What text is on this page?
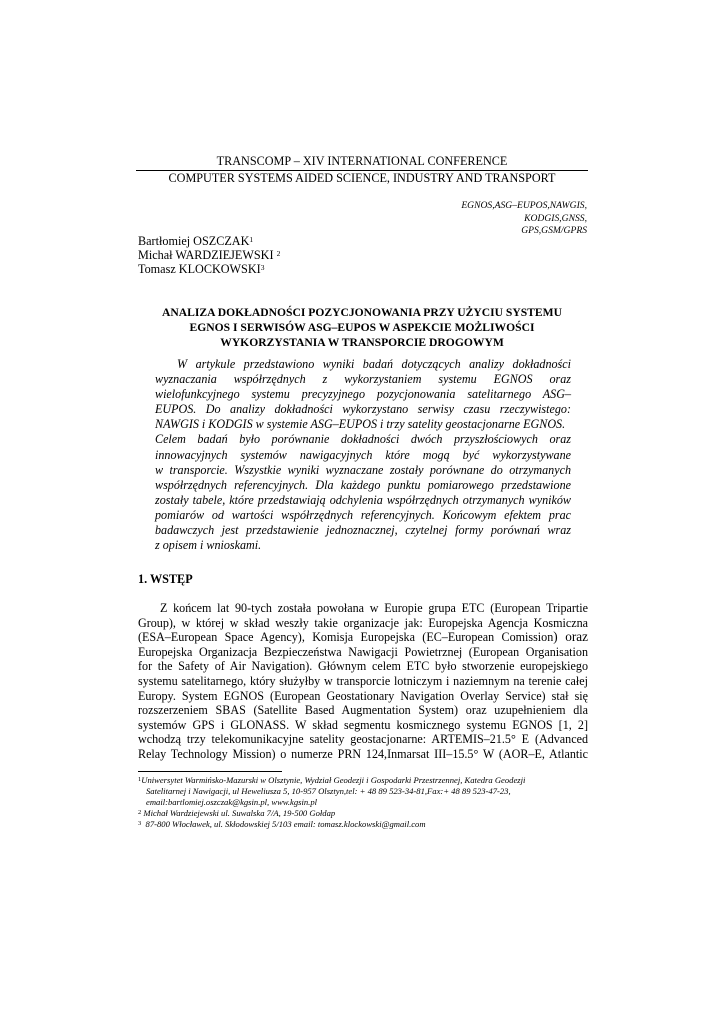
TRANSCOMP – XIV INTERNATIONAL CONFERENCE
COMPUTER SYSTEMS AIDED SCIENCE, INDUSTRY AND TRANSPORT
EGNOS,ASG–EUPOS,NAWGIS,
KODGIS,GNSS,
GPS,GSM/GPRS
Bartłomiej OSZCZAK$^1$
Michał WARDZIEJEWSKI $^2$
Tomasz KLOCKOWSKI$^3$
ANALIZA DOKŁADNOŚCI POZYCJONOWANIA PRZY UŻYCIU SYSTEMU
EGNOS I SERWISÓW ASG–EUPOS W ASPEKCIE MOŻLIWOŚCI
WYKORZYSTANIA W TRANSPORCIE DROGOWYM
W artykule przedstawiono wyniki badań dotyczących analizy dokładności
wyznaczania współrzędnych z wykorzystaniem systemu EGNOS oraz
wielofunkcyjnego systemu precyzyjnego pozycjonowania satelitarnego ASG–
EUPOS. Do analizy dokładności wykorzystano serwisy czasu rzeczywistego:
NAWGIS i KODGIS w systemie ASG–EUPOS i trzy satelity geostacjonarne EGNOS.
Celem badań było porównanie dokładności dwóch przyszłościowych oraz
innowacyjnych systemów nawigacyjnych które mogą być wykorzystywane
w transporcie. Wszystkie wyniki wyznaczane zostały porównane do otrzymanych
współrzędnych referencyjnych. Dla każdego punktu pomiarowego przedstawione
zostały tabele, które przedstawiają odchylenia współrzędnych otrzymanych wyników
pomiarów od wartości współrzędnych referencyjnych. Końcowym efektem prac
badawczych jest przedstawienie jednoznacznej, czytelnej formy porównań wraz
z opisem i wnioskami.
1. WSTĘP
Z końcem lat 90-tych została powołana w Europie grupa ETC (European Tripartie
Group), w której w skład weszły takie organizacje jak: Europejska Agencja Kosmiczna
(ESA–European Space Agency), Komisja Europejska (EC–European Comission) oraz
Europejska Organizacja Bezpieczeństwa Nawigacji Powietrznej (European Organisation
for the Safety of Air Navigation). Głównym celem ETC było stworzenie europejskiego
systemu satelitarnego, który służyłby w transporcie lotniczym i naziemnym na terenie całej
Europy. System EGNOS (European Geostationary Navigation Overlay Service) stał się
rozszerzeniem SBAS (Satellite Based Augmentation System) oraz uzupełnieniem dla
systemów GPS i GLONASS. W skład segmentu kosmicznego systemu EGNOS [1, 2]
wchodzą trzy telekomunikacyjne satelity geostacjonarne: ARTEMIS–21.5° E (Advanced
Relay Technology Mission) o numerze PRN 124,Inmarsat III–15.5° W (AOR–E, Atlantic
$^1$Uniwersytet Warmińsko-Mazurski w Olsztynie, Wydział Geodezji i Gospodarki Przestrzennej, Katedra Geodezji
Satelitarnej i Nawigacji, ul Heweliusza 5, 10-957 Olsztyn,tel: + 48 89 523-34-81,Fax:+ 48 89 523-47-23,
email:bartlomiej.oszczak@kgsin.pl, www.kgsin.pl
$^2$ Michał Wardziejewski ul. Suwalska 7/A, 19-500 Gołdap
$^3$  87-800 Włocławek, ul. Skłodowskiej 5/103 email: tomasz.klockowski@gmail.com
